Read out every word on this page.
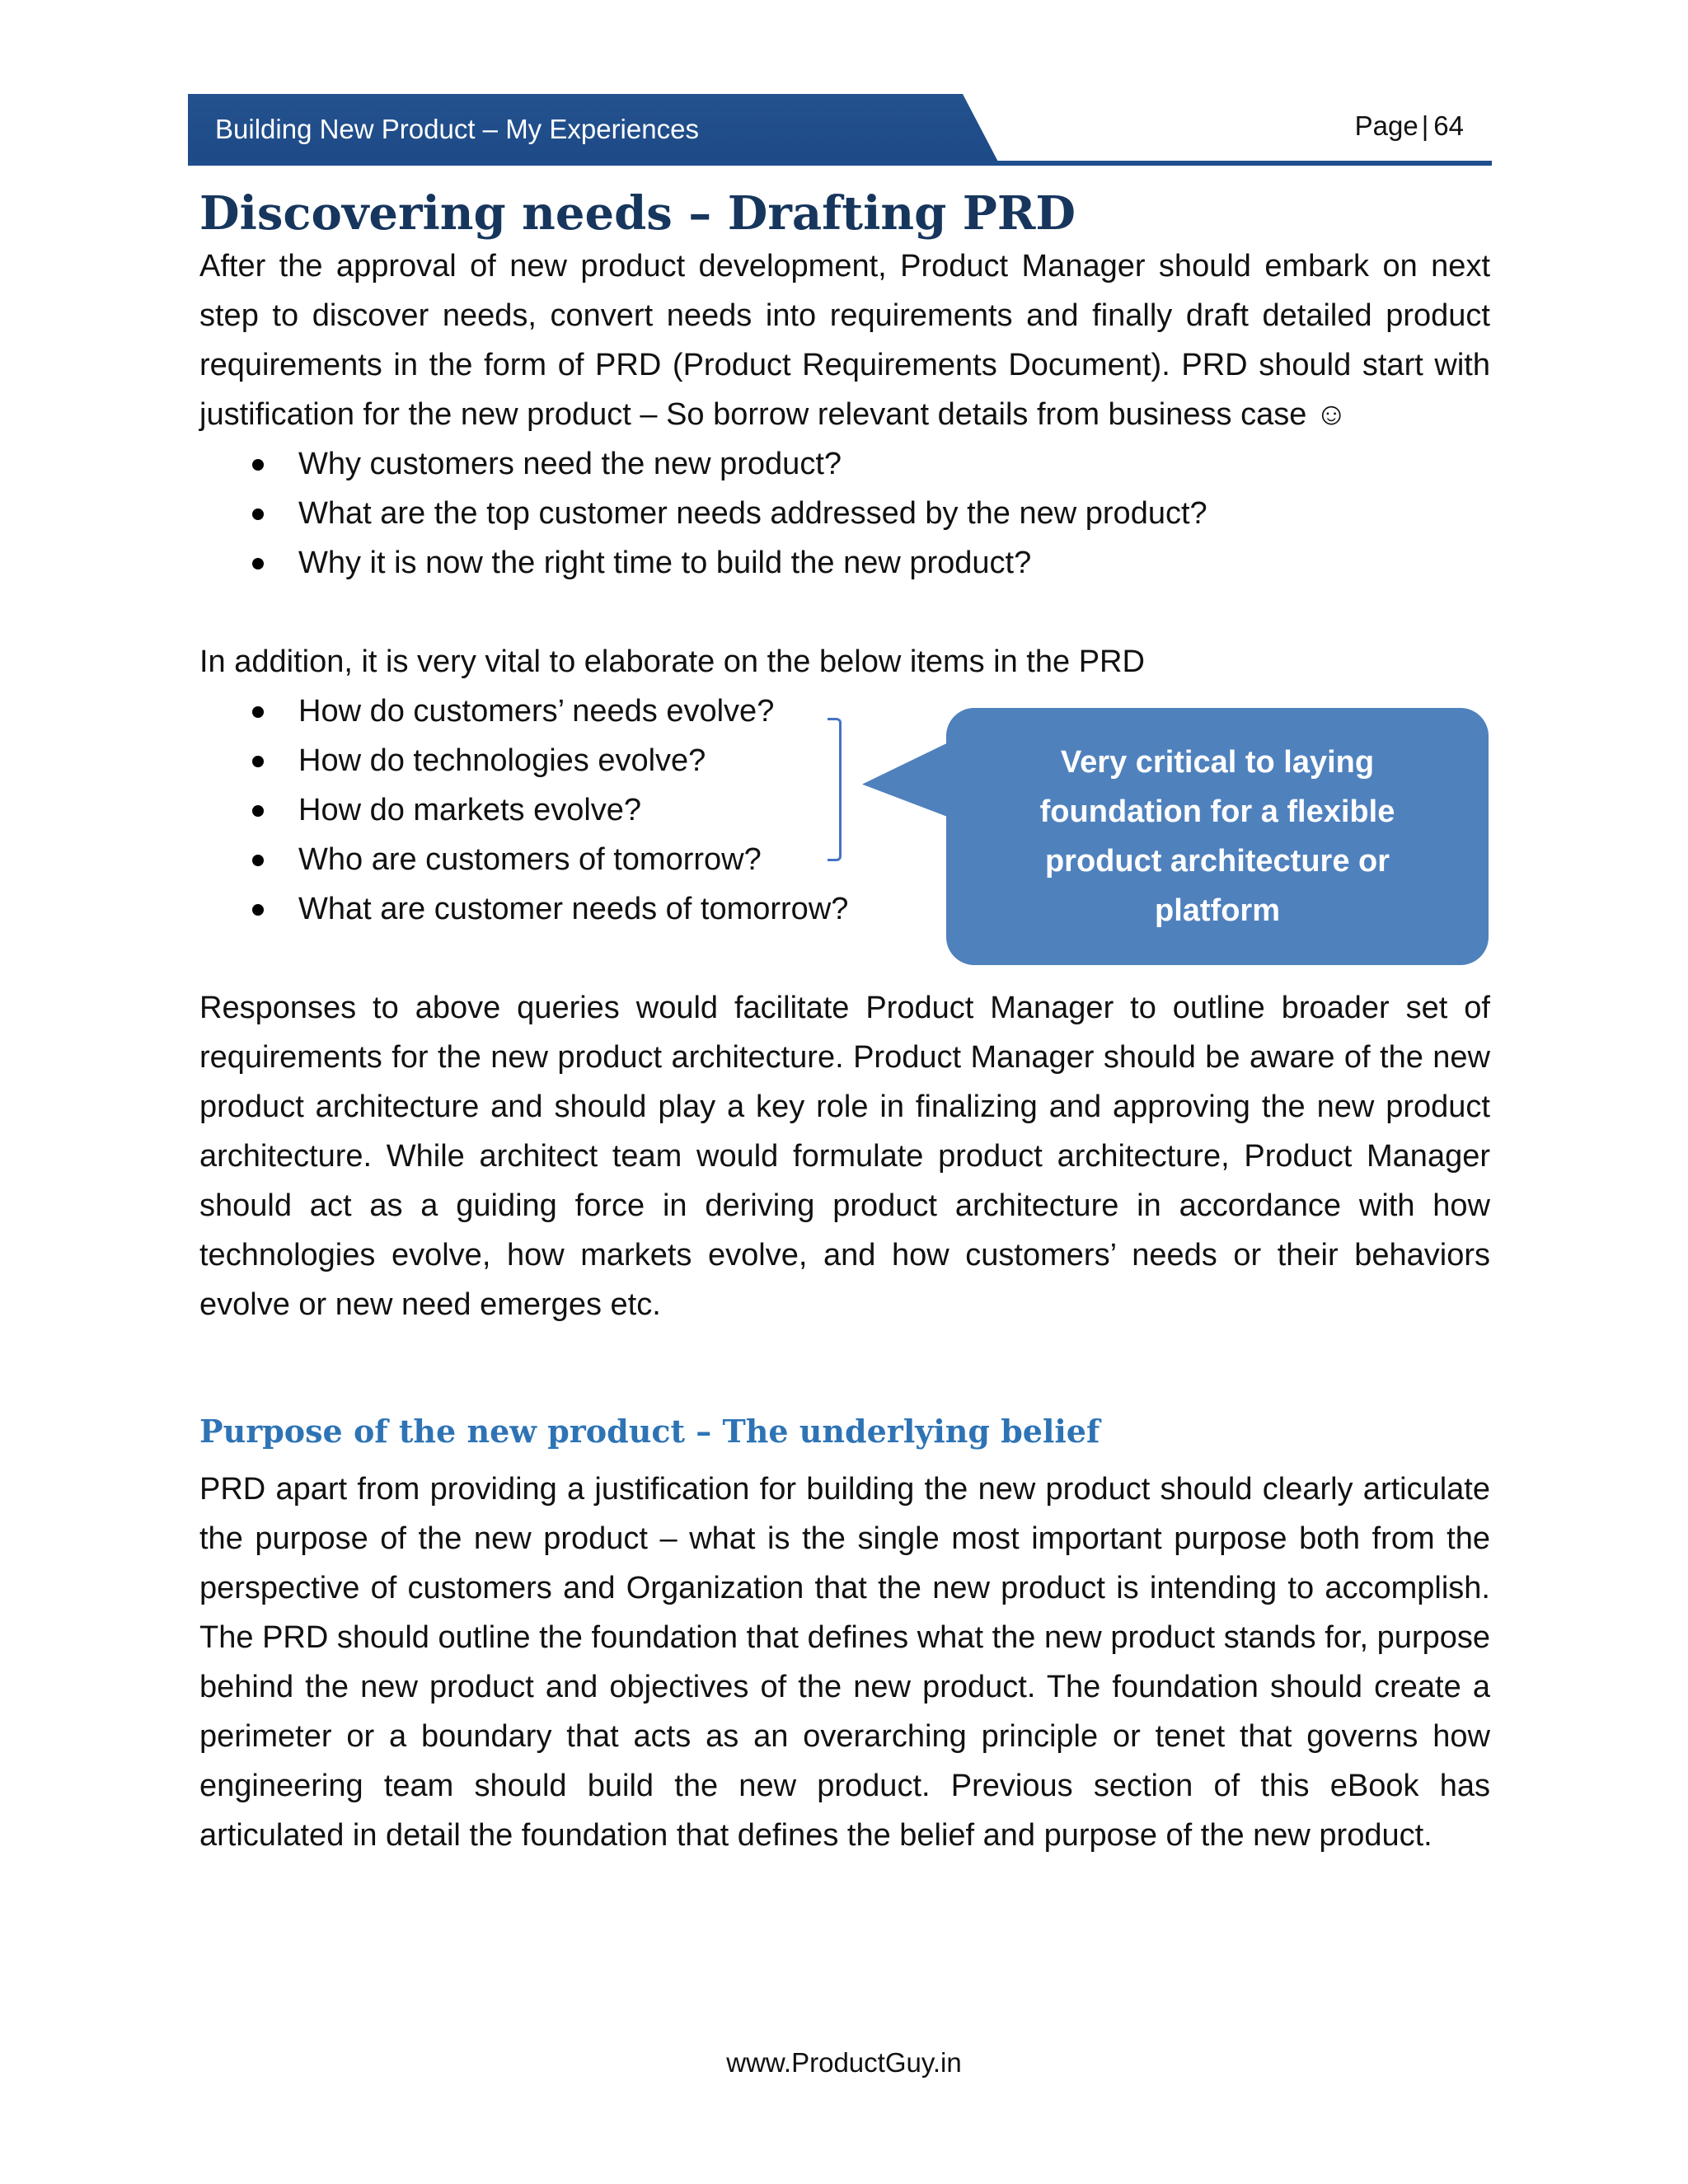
Building New Product – My Experiences	Page | 64
Discovering needs – Drafting PRD

After the approval of new product development, Product Manager should embark on next step to discover needs, convert needs into requirements and finally draft detailed product requirements in the form of PRD (Product Requirements Document). PRD should start with justification for the new product – So borrow relevant details from business case ☺

Why customers need the new product?
What are the top customer needs addressed by the new product?
Why it is now the right time to build the new product?

In addition, it is very vital to elaborate on the below items in the PRD

How do customers’ needs evolve?
How do technologies evolve?
How do markets evolve?
Who are customers of tomorrow?
What are customer needs of tomorrow?
Very critical to laying foundation for a flexible product architecture or platform

Responses to above queries would facilitate Product Manager to outline broader set of requirements for the new product architecture. Product Manager should be aware of the new product architecture and should play a key role in finalizing and approving the new product architecture. While architect team would formulate product architecture, Product Manager should act as a guiding force in deriving product architecture in accordance with how technologies evolve, how markets evolve, and how customers’ needs or their behaviors evolve or new need emerges etc.

Purpose of the new product – The underlying belief

PRD apart from providing a justification for building the new product should clearly articulate the purpose of the new product – what is the single most important purpose both from the perspective of customers and Organization that the new product is intending to accomplish. The PRD should outline the foundation that defines what the new product stands for, purpose behind the new product and objectives of the new product. The foundation should create a perimeter or a boundary that acts as an overarching principle or tenet that governs how engineering team should build the new product. Previous section of this eBook has articulated in detail the foundation that defines the belief and purpose of the new product.

www.ProductGuy.in
